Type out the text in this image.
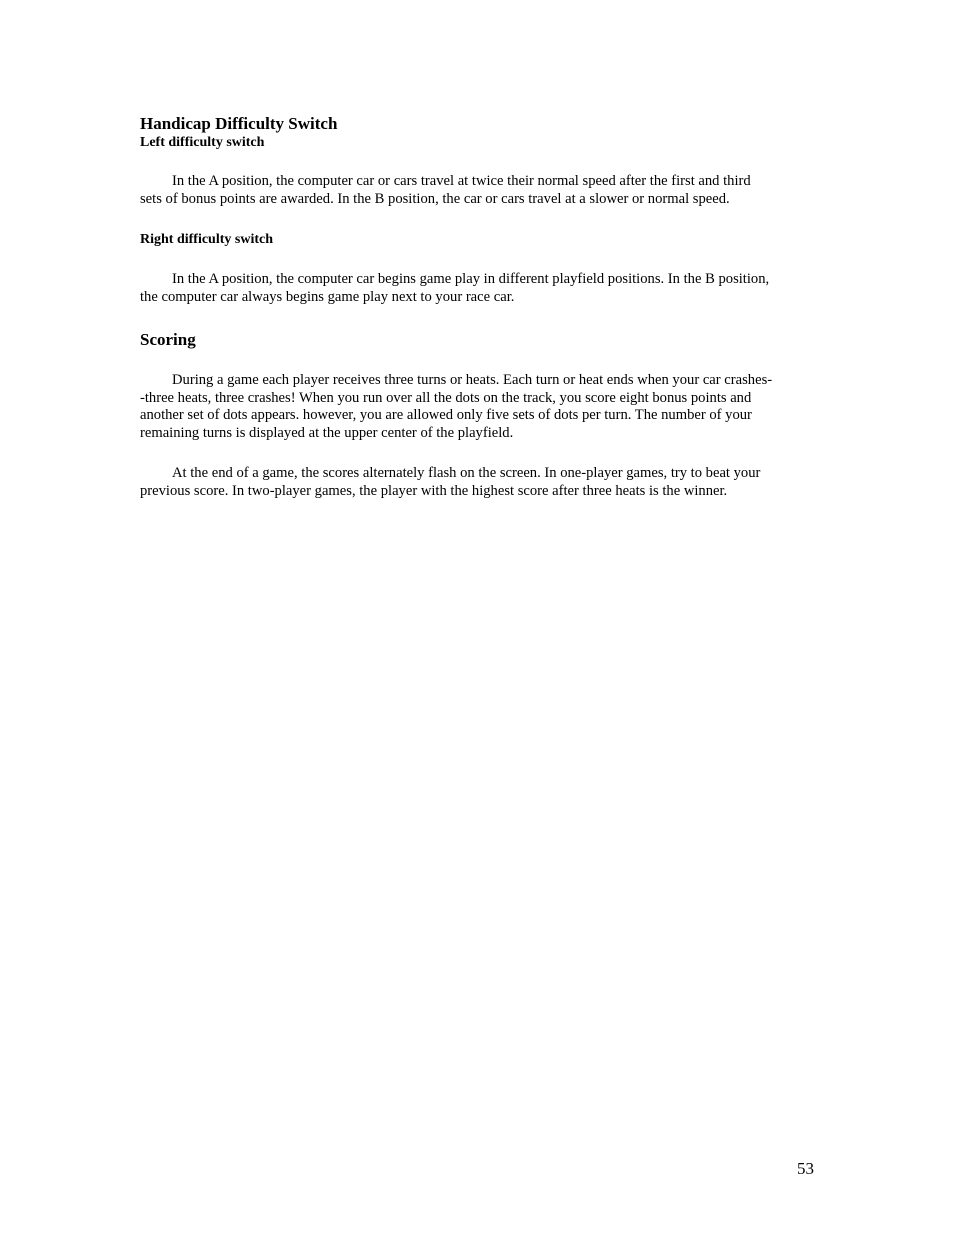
Handicap Difficulty Switch
Left difficulty switch

In the A position, the computer car or cars travel at twice their normal speed after the first and third
sets of bonus points are awarded. In the B position, the car or cars travel at a slower or normal speed.

Right difficulty switch

In the A position, the computer car begins game play in different playfield positions. In the B position,
the computer car always begins game play next to your race car.

Scoring

During a game each player receives three turns or heats. Each turn or heat ends when your car crashes-
-three heats, three crashes! When you run over all the dots on the track, you score eight bonus points and
another set of dots appears. however, you are allowed only five sets of dots per turn. The number of your
remaining turns is displayed at the upper center of the playfield.

At the end of a game, the scores alternately flash on the screen. In one-player games, try to beat your
previous score. In two-player games, the player with the highest score after three heats is the winner.

53
